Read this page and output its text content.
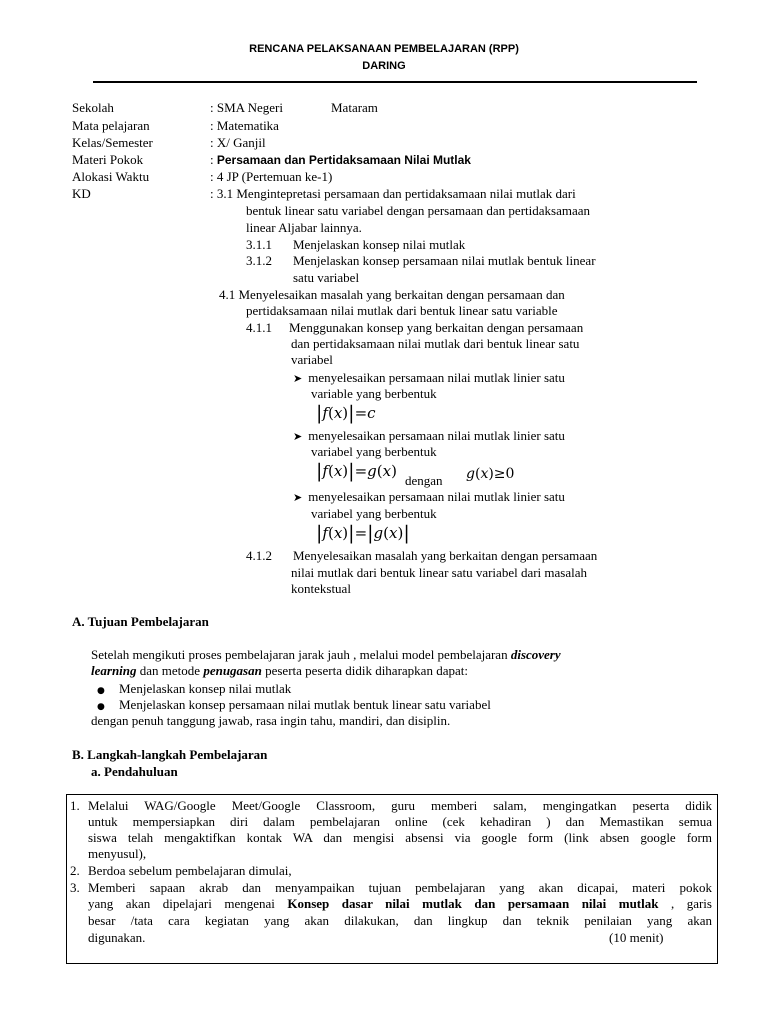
RENCANA PELAKSANAAN PEMBELAJARAN (RPP)
DARING
Sekolah	: SMA Negeri	Mataram
Mata pelajaran	: Matematika
Kelas/Semester	: X/ Ganjil
Materi Pokok	: Persamaan dan Pertidaksamaan Nilai Mutlak
Alokasi Waktu	: 4 JP (Pertemuan ke-1)
KD	: 3.1 Mengintepretasi persamaan dan pertidaksamaan nilai mutlak dari
bentuk linear satu variabel dengan persamaan dan pertidaksamaan
linear Aljabar lainnya.
3.1.1 Menjelaskan konsep nilai mutlak
3.1.2 Menjelaskan konsep persamaan nilai mutlak bentuk linear
satu variabel
4.1 Menyelesaikan masalah yang berkaitan dengan persamaan dan
pertidaksamaan nilai mutlak dari bentuk linear satu variable
4.1.1 Menggunakan konsep yang berkaitan dengan persamaan
dan pertidaksamaan nilai mutlak dari bentuk linear satu
variabel
➤ menyelesaikan persamaan nilai mutlak linier satu
variable yang berbentuk
|f(x)|=c
➤ menyelesaikan persamaan nilai mutlak linier satu
variabel yang berbentuk
|f(x)|=g(x)
dengan g(x)≥0
➤ menyelesaikan persamaan nilai mutlak linier satu
variabel yang berbentuk
|f(x)|=|g(x)|
4.1.2 Menyelesaikan masalah yang berkaitan dengan persamaan
nilai mutlak dari bentuk linear satu variabel dari masalah
kontekstual
A. Tujuan Pembelajaran
Setelah mengikuti proses pembelajaran jarak jauh , melalui model pembelajaran discovery
learning dan metode penugasan peserta peserta didik diharapkan dapat:
● Menjelaskan konsep nilai mutlak
● Menjelaskan konsep persamaan nilai mutlak bentuk linear satu variabel
dengan penuh tanggung jawab, rasa ingin tahu, mandiri, dan disiplin.
B. Langkah-langkah Pembelajaran
a. Pendahuluan
1. Melalui WAG/Google Meet/Google Classroom, guru memberi salam, mengingatkan peserta didik
untuk mempersiapkan diri dalam pembelajaran online (cek kehadiran ) dan Memastikan semua
siswa telah mengaktifkan kontak WA dan mengisi absensi via google form (link absen google form
menyusul),
2. Berdoa sebelum pembelajaran dimulai,
3. Memberi sapaan akrab dan menyampaikan tujuan pembelajaran yang akan dicapai, materi pokok
yang akan dipelajari mengenai Konsep dasar nilai mutlak dan persamaan nilai mutlak , garis
besar /tata cara kegiatan yang akan dilakukan, dan lingkup dan teknik penilaian yang akan
digunakan.	(10 menit)
